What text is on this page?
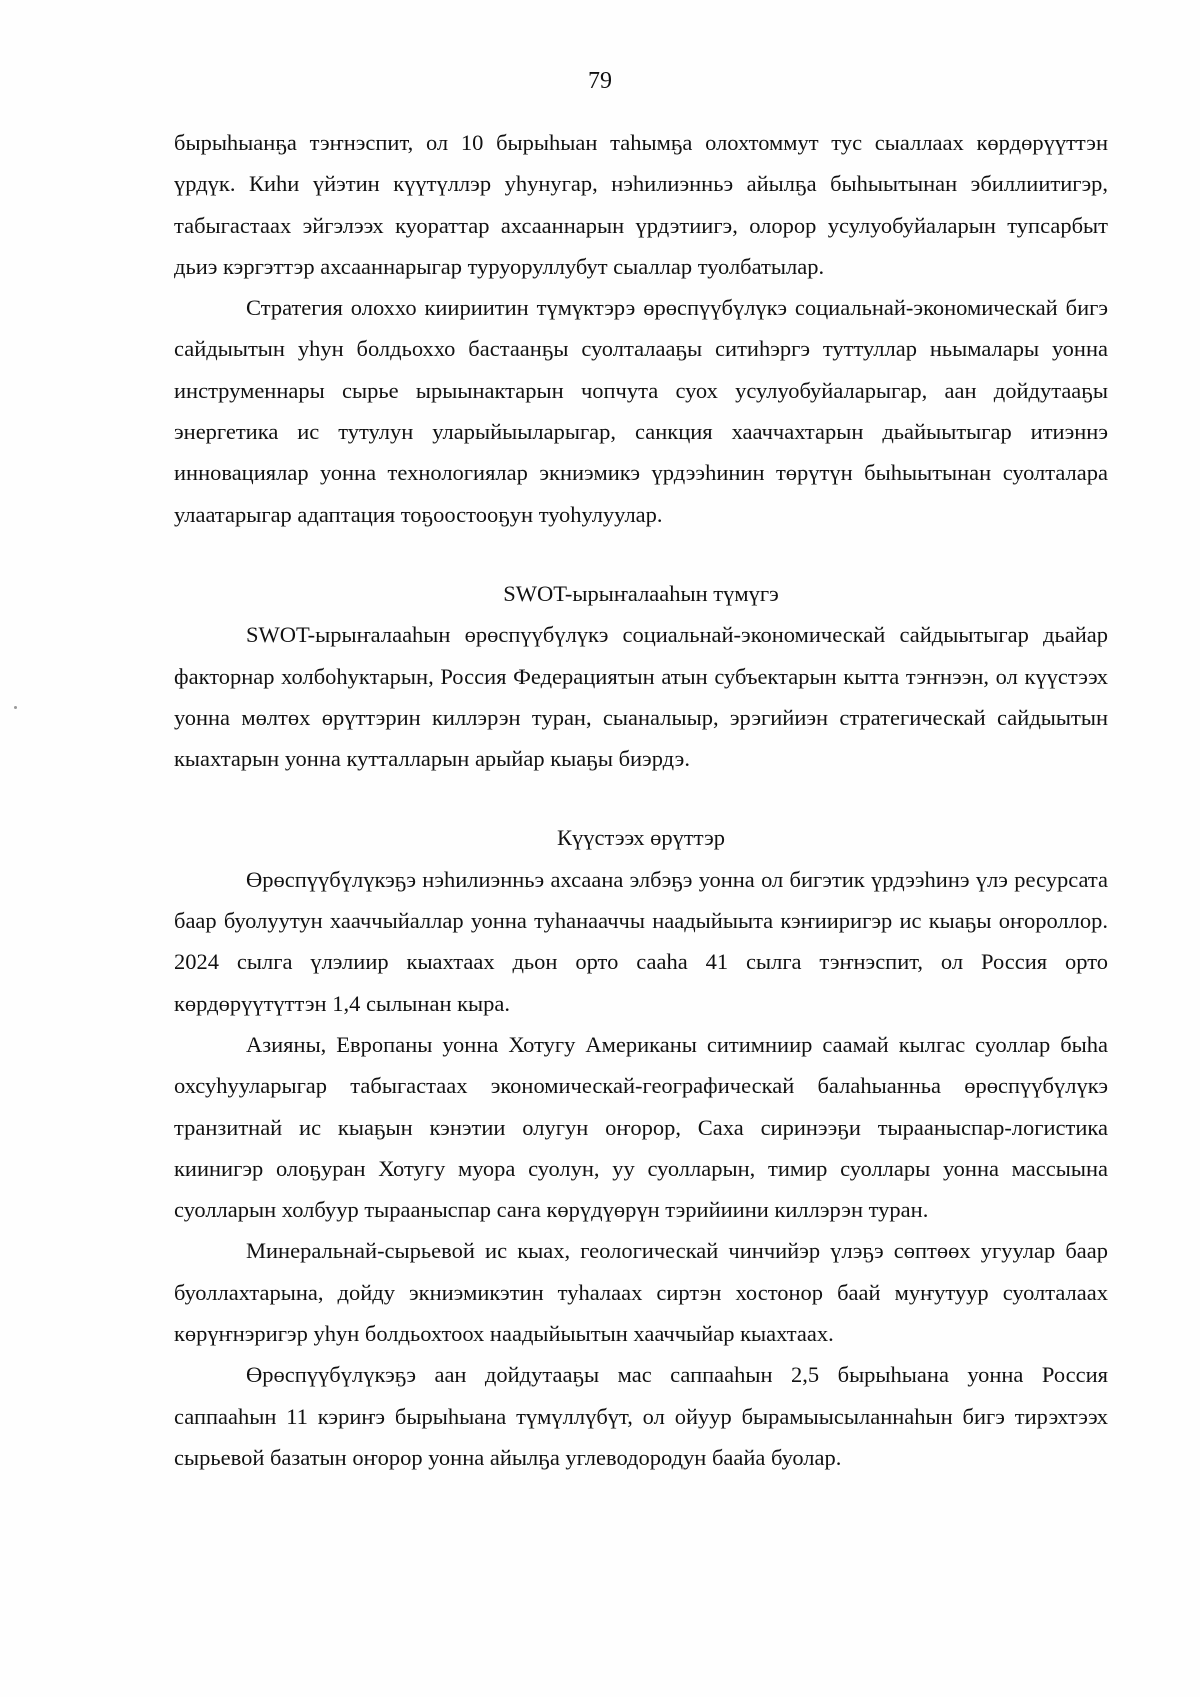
79

бырыһыанҕа тэҥнэспит, ол 10 бырыһыан таһымҕа олохтоммут тус сыаллаах көрдөрүүттэн үрдүк. Киһи үйэтин күүтүллэр уһунугар, нэһилиэнньэ айылҕа быhыытынан эбиллиитигэр, табыгастаах эйгэлээх куораттар ахсааннарын үрдэтиигэ, олорор усулуобуйаларын тупсарбыт дьиэ кэргэттэр ахсааннарыгар туруоруллубут сыаллар туолбатылар.

Стратегия олоххо киириитин түмүктэрэ өрөспүүбүлүкэ социальнай-экономическай бигэ сайдыытын уһун болдьоххо бастаанҕы суолталааҕы ситиһэргэ туттуллар ньымалары уонна инструменнары сырье ырыынактарын чопчута суох усулуобуйаларыгар, аан дойдутааҕы энергетика ис тутулун уларыйыыларыгар, санкция хааччахтарын дьайыытыгар итиэннэ инновациялар уонна технологиялар экниэмикэ үрдээһинин төрүтүн быhыытынан суолталара улаатарыгар адаптация тоҕоостооҕун туоһулуулар.

SWOT-ырыҥалааһын түмүгэ

SWOT-ырыҥалааһын өрөспүүбүлүкэ социальнай-экономическай сайдыытыгар дьайар факторнар холбоһуктарын, Россия Федерациятын атын субъектарын кытта тэҥнээн, ол күүстээх уонна мөлтөх өрүттэрин киллэрэн туран, сыаналыыр, эрэгийиэн стратегическай сайдыытын кыахтарын уонна кутталларын арыйар кыаҕы биэрдэ.

Күүстээх өрүттэр

Өрөспүүбүлүкэҕэ нэһилиэнньэ ахсаана элбэҕэ уонна ол бигэтик үрдээһинэ үлэ ресурсата баар буолуутун хааччыйаллар уонна туһанааччы наадыйыыта кэҥииригэр ис кыаҕы оҥороллор. 2024 сылга үлэлиир кыахтаах дьон орто сааһа 41 сылга тэҥнэспит, ол Россия орто көрдөрүүтүттэн 1,4 сылынан кыра.

Азияны, Европаны уонна Хотугу Американы ситимниир саамай кылгас суоллар быhа охсуһууларыгар табыгастаах экономическай-географическай балаһыанньа өрөспүүбүлүкэ транзитнай ис кыаҕын кэнэтии олугун оҥорор, Саха сиринээҕи тырааныспар-логистика киинигэр олоҕуран Хотугу муора суолун, уу суолларын, тимир суоллары уонна массыына суолларын холбуур тырааныспар саҥа көрүдүөрүн тэрийиини киллэрэн туран.

Минеральнай-сырьевой ис кыах, геологическай чинчийэр үлэҕэ сөптөөх угуулар баар буоллахтарына, дойду экниэмикэтин туһалаах сиртэн хостонор баай муҥутуур суолталаах көрүҥнэригэр уһун болдьохтоох наадыйыытын хааччыйар кыахтаах.

Өрөспүүбүлүкэҕэ аан дойдутааҕы мас саппааһын 2,5 бырыһыана уонна Россия саппааһын 11 кэриҥэ бырыһыана түмүллүбүт, ол ойуур бырамыысыланнаһын бигэ тирэхтээх сырьевой базатын оҥорор уонна айылҕа углеводородун баайа буолар.
